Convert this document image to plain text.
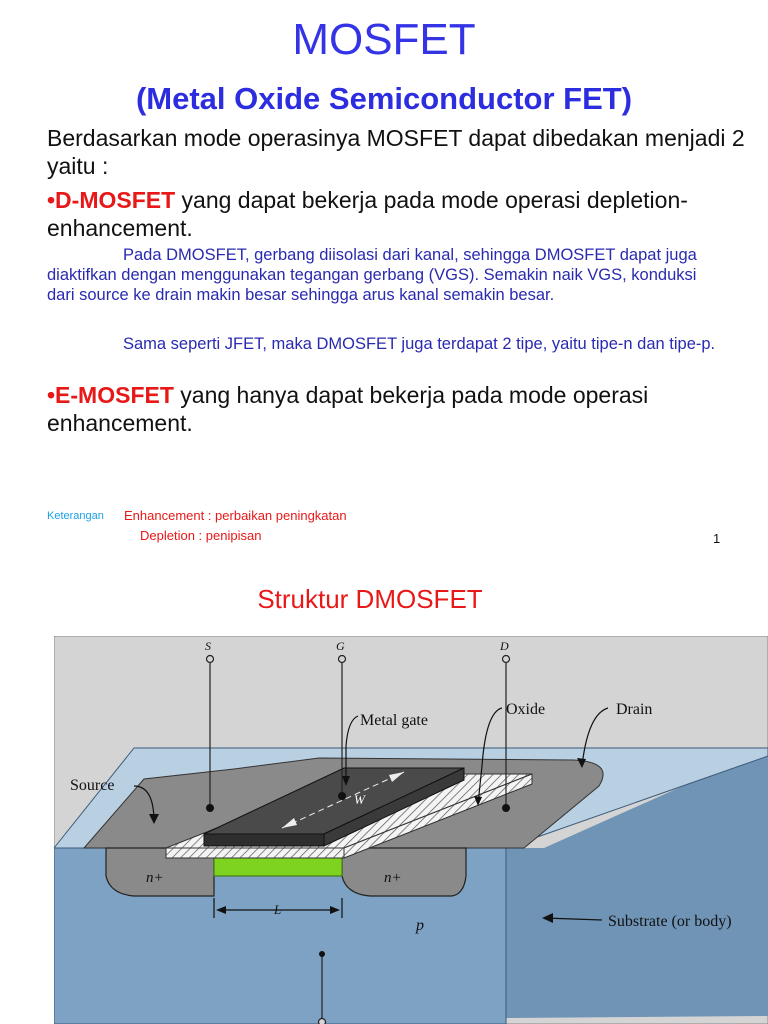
MOSFET
(Metal Oxide Semiconductor FET)
Berdasarkan mode operasinya MOSFET dapat dibedakan menjadi 2 yaitu :
•D-MOSFET yang dapat bekerja pada mode operasi depletion-enhancement.
Pada DMOSFET, gerbang diisolasi dari kanal, sehingga DMOSFET dapat juga diaktifkan dengan menggunakan tegangan gerbang (VGS). Semakin naik VGS, konduksi dari source ke drain makin besar sehingga arus kanal semakin besar.
Sama seperti JFET, maka DMOSFET juga terdapat 2 tipe, yaitu tipe-n dan tipe-p.
•E-MOSFET yang hanya dapat bekerja pada mode operasi enhancement.
Keterangan Enhancement : perbaikan peningkatan
Depletion : penipisan	1
Struktur DMOSFET
S	G	D
Metal gate
Oxide	Drain
Source
W
n+	n+
L
p	Substrate (or body)
